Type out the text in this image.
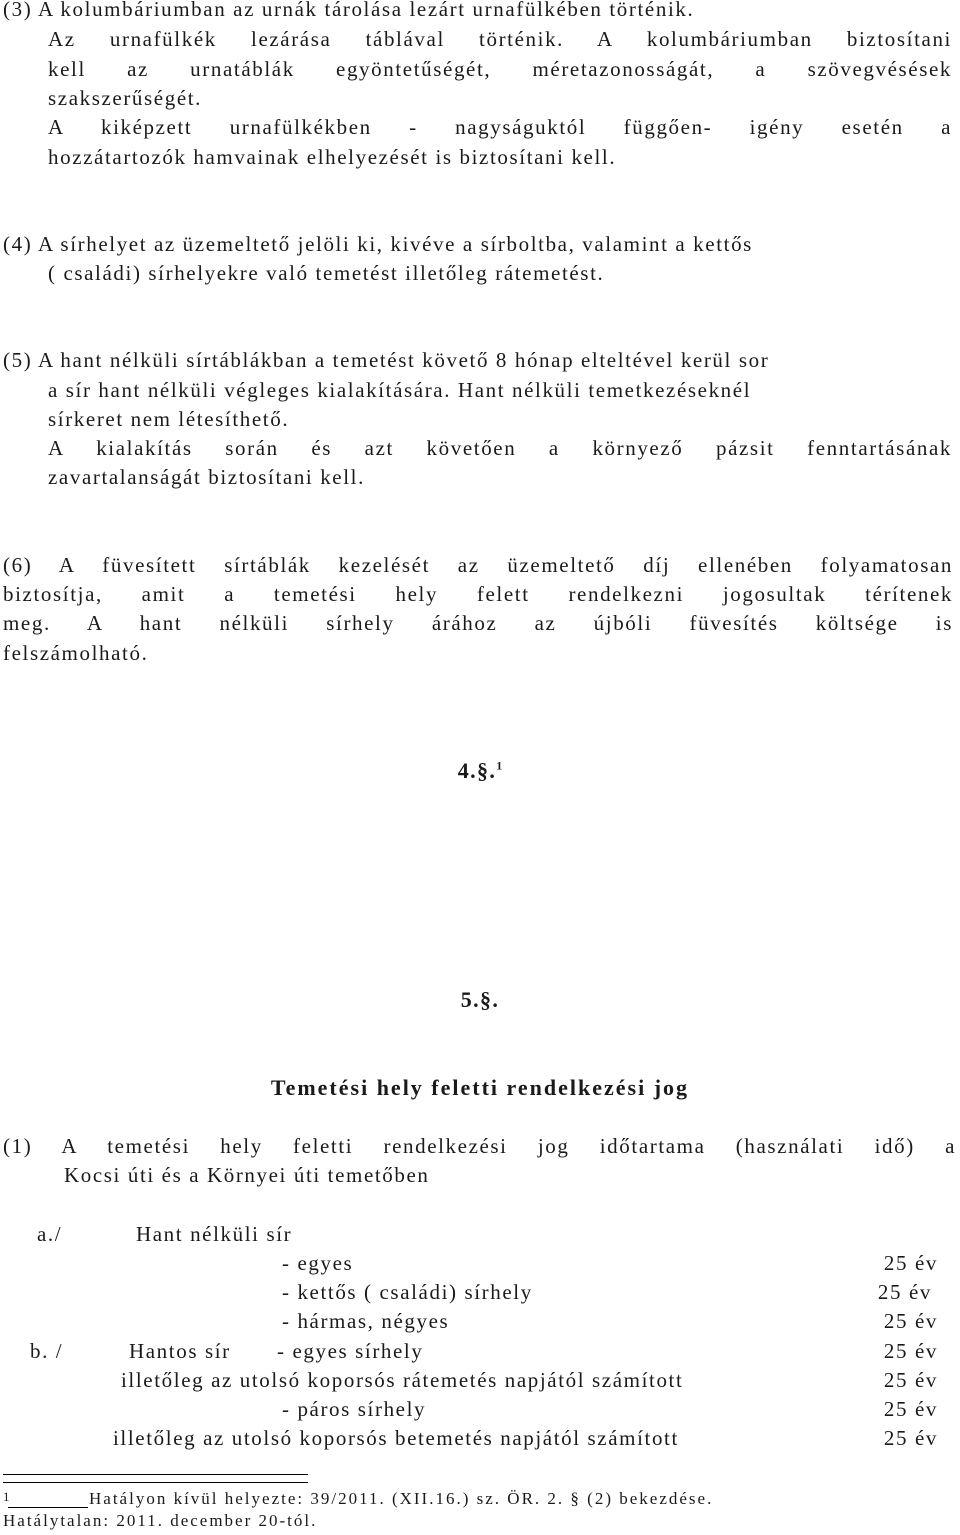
(3) A kolumbáriumban az urnák tárolása lezárt urnafülkében történik.
Az urnafülkék lezárása táblával történik. A kolumbáriumban biztosítani
kell az urnatáblák egyöntetűségét, méretazonosságát, a szövegvésések
szakszerűségét.
A kiképzett urnafülkékben - nagyságuktól függően- igény esetén a
hozzátartozók hamvainak elhelyezését is biztosítani kell.
(4) A sírhelyet az üzemeltető jelöli ki, kivéve a sírboltba, valamint a kettős
( családi) sírhelyekre való temetést illetőleg rátemetést.
(5) A hant nélküli sírtáblákban a temetést követő 8 hónap elteltével kerül sor
a sír hant nélküli végleges kialakítására. Hant nélküli temetkezéseknél
sírkeret nem létesíthető.
A kialakítás során és azt követően a környező pázsit fenntartásának
zavartalanságát biztosítani kell.
(6) A füvesített sírtáblák kezelését az üzemeltető díj ellenében folyamatosan
biztosítja, amit a temetési hely felett rendelkezni jogosultak térítenek
meg. A hant nélküli sírhely árához az újbóli füvesítés költsége is
felszámolható.
4.§.$^1$
5.§.
Temetési hely feletti rendelkezési jog
(1) A temetési hely feletti rendelkezési jog időtartama (használati idő) a
Kocsi úti és a Környei úti temetőben
a./	Hant nélküli sír
- egyes	25 év
- kettős ( családi) sírhely	25 év
- hármas, négyes	25 év
b. /	Hantos sír - egyes sírhely	25 év
illetőleg az utolsó koporsós rátemetés napjától számított	25 év
- páros sírhely	25 év
illetőleg az utolsó koporsós betemetés napjától számított	25 év
1	Hatályon kívül helyezte: 39/2011. (XII.16.) sz. ÖR. 2. § (2) bekezdése.
Hatálytalan: 2011. december 20-tól.
